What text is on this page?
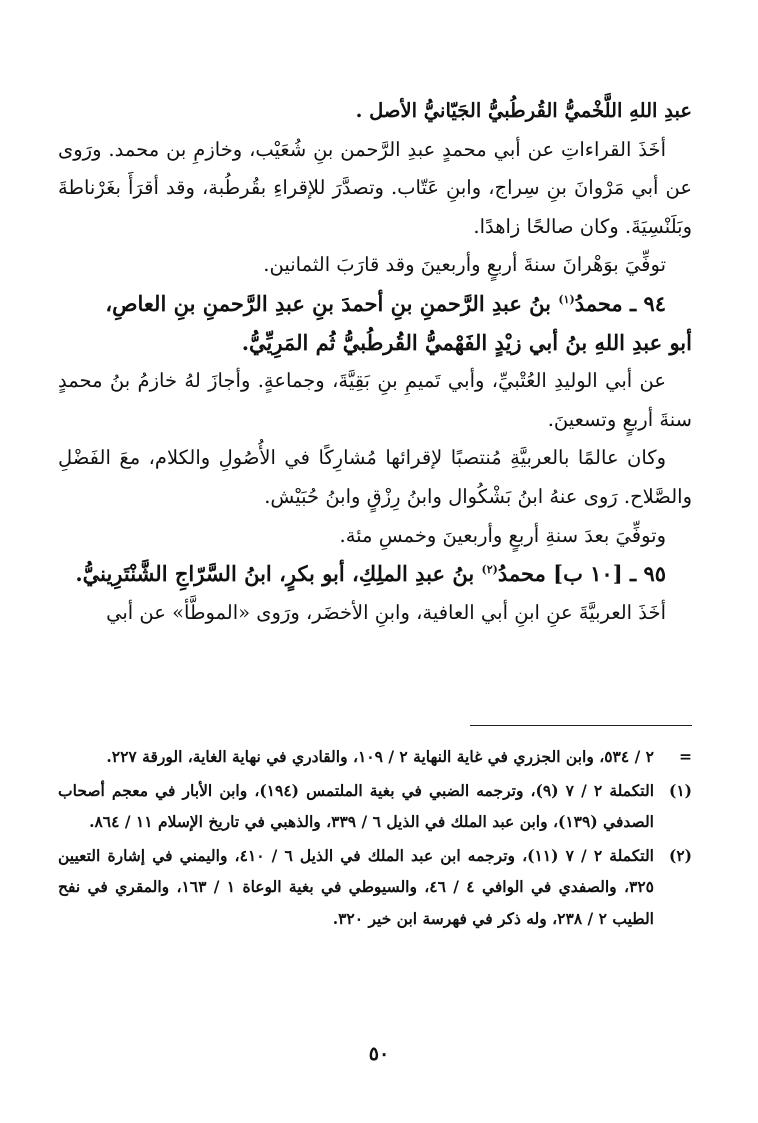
عبدِ اللهِ اللَّخْميُّ القُرطُبيُّ الجَيّانيُّ الأصل .

أخَذَ القراءاتِ عن أبي محمدٍ عبدِ الرَّحمن بنِ شُعَيْب، وخازمِ بن محمد. ورَوى عن أبي مَرْوانَ بنِ سِراج، وابنِ عَتّاب. وتصدَّرَ للإقراءِ بقُرطُبة، وقد أقرَأَ بغَرْناطةَ وبَلَنْسِيَةَ. وكان صالحًا زاهدًا.

توفِّيَ بوَهْرانَ سنةَ أربعٍ وأربعينَ وقد قارَبَ الثمانين.

٩٤ ـ محمدُ$^{(١)}$ بنُ عبدِ الرَّحمنِ بنِ أحمدَ بنِ عبدِ الرَّحمنِ بنِ العاصِ،

أبو عبدِ اللهِ بنُ أبي زيْدٍ الفَهْميُّ القُرطُبيُّ ثُم المَرِيِّيُّ.

عن أبي الوليدِ العُتْبيِّ، وأبي تَميمِ بنِ بَقِيَّةَ، وجماعةٍ. وأجازَ لهُ خازمُ بنُ محمدٍ سنةَ أربعٍ وتسعينَ.

وكان عالمًا بالعربيَّةِ مُنتصبًا لإقرائها مُشارِكًا في الأُصُولِ والكلام، معَ الفَضْلِ والصَّلاح. رَوى عنهُ ابنُ بَشْكُوال وابنُ رِزْقٍ وابنُ حُبَيْش.

وتوفِّيَ بعدَ سنةِ أربعٍ وأربعينَ وخمسِ مئة.

٩٥ ـ [١٠ ب] محمدُ$^{(٢)}$ بنُ عبدِ الملِكِ، أبو بكرٍ، ابنُ السَّرّاجِ الشَّنْتَرِينيُّ.

أخَذَ العربيَّةَ عنِ ابنِ أبي العافية، وابنِ الأخضَر، ورَوى «الموطَّأ» عن أبي

=
٢ / ٥٣٤، وابن الجزري في غاية النهاية ٢ / ١٠٩، والقادري في نهاية الغاية، الورقة ٢٢٧.
(١)
التكملة ٢ / ٧ (٩)، وترجمه الضبي في بغية الملتمس (١٩٤)، وابن الأبار في معجم أصحاب الصدفي (١٣٩)، وابن عبد الملك في الذيل ٦ / ٣٣٩، والذهبي في تاريخ الإسلام ١١ / ٨٦٤.
(٢)
التكملة ٢ / ٧ (١١)، وترجمه ابن عبد الملك في الذيل ٦ / ٤١٠، واليمني في إشارة التعيين ٣٢٥، والصفدي في الوافي ٤ / ٤٦، والسيوطي في بغية الوعاة ١ / ١٦٣، والمقري في نفح الطيب ٢ / ٢٣٨، وله ذكر في فهرسة ابن خير ٣٢٠.
٥٠
